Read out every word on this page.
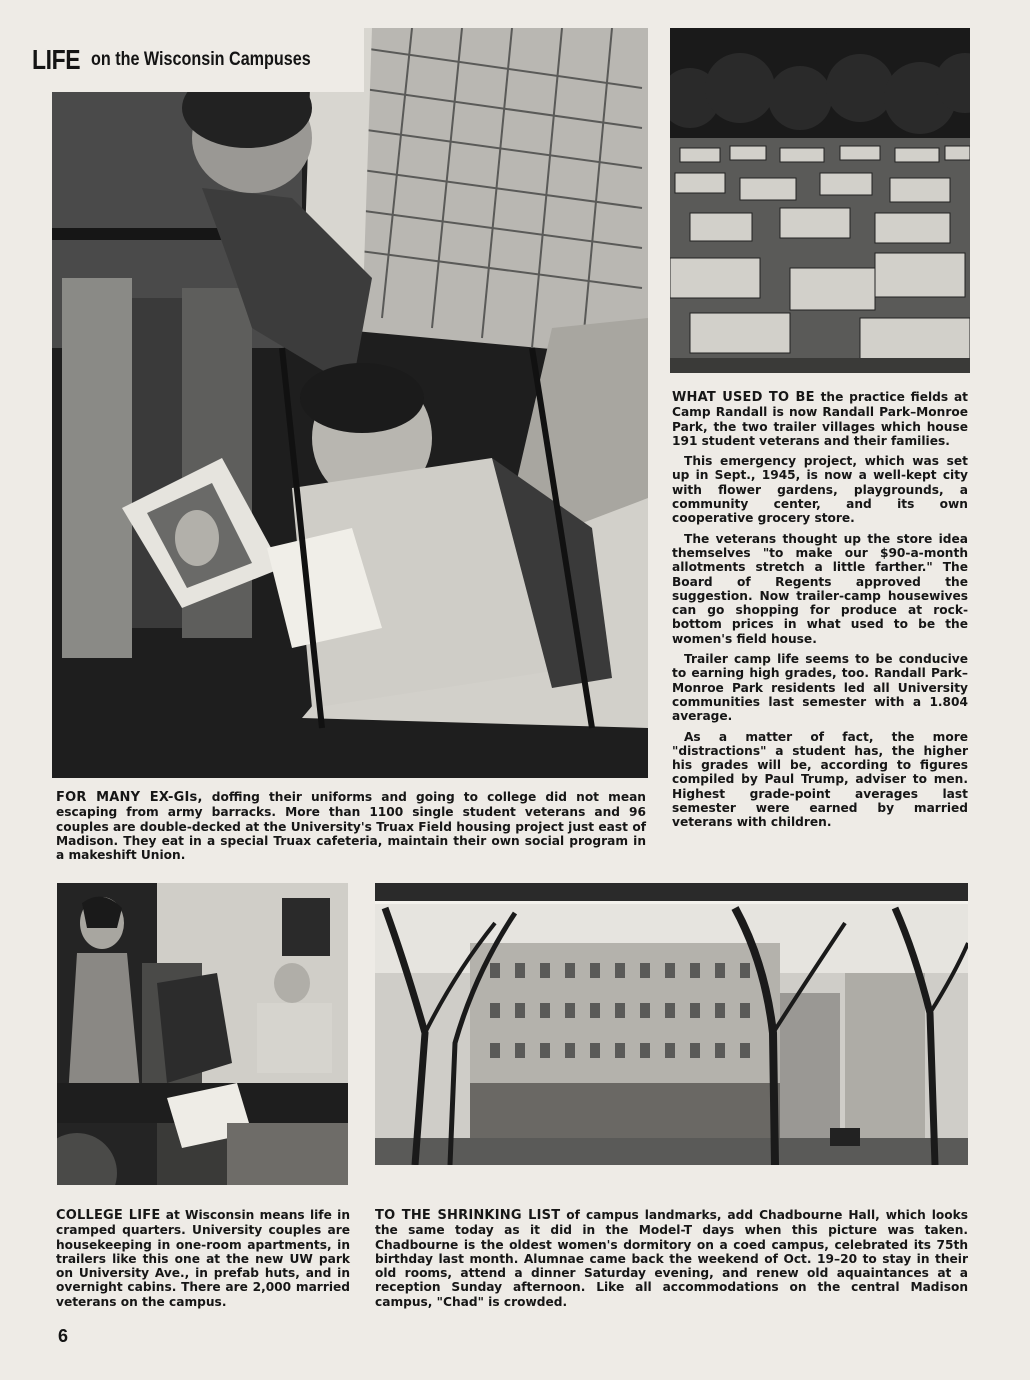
LIFE on the Wisconsin Campuses

WHAT USED TO BE the practice fields at Camp Randall is now Randall Park–Monroe Park, the two trailer villages which house 191 student veterans and their families.

This emergency project, which was set up in Sept., 1945, is now a well-kept city with flower gardens, playgrounds, a community center, and its own cooperative grocery store.

The veterans thought up the store idea themselves "to make our $90-a-month allotments stretch a little farther." The Board of Regents approved the suggestion. Now trailer-camp housewives can go shopping for produce at rock-bottom prices in what used to be the women's field house.

Trailer camp life seems to be conducive to earning high grades, too. Randall Park–Monroe Park residents led all University communities last semester with a 1.804 average.

As a matter of fact, the more "distractions" a student has, the higher his grades will be, according to figures compiled by Paul Trump, adviser to men. Highest grade-point averages last semester were earned by married veterans with children.

FOR MANY EX-GIs, doffing their uniforms and going to college did not mean escaping from army barracks. More than 1100 single student veterans and 96 couples are double-decked at the University's Truax Field housing project just east of Madison. They eat in a special Truax cafeteria, maintain their own social program in a makeshift Union.

COLLEGE LIFE at Wisconsin means life in cramped quarters. University couples are housekeeping in one-room apartments, in trailers like this one at the new UW park on University Ave., in prefab huts, and in overnight cabins. There are 2,000 married veterans on the campus.

TO THE SHRINKING LIST of campus landmarks, add Chadbourne Hall, which looks the same today as it did in the Model-T days when this picture was taken. Chadbourne is the oldest women's dormitory on a coed campus, celebrated its 75th birthday last month. Alumnae came back the weekend of Oct. 19–20 to stay in their old rooms, attend a dinner Saturday evening, and renew old aquaintances at a reception Sunday afternoon. Like all accommodations on the central Madison campus, "Chad" is crowded.

6
